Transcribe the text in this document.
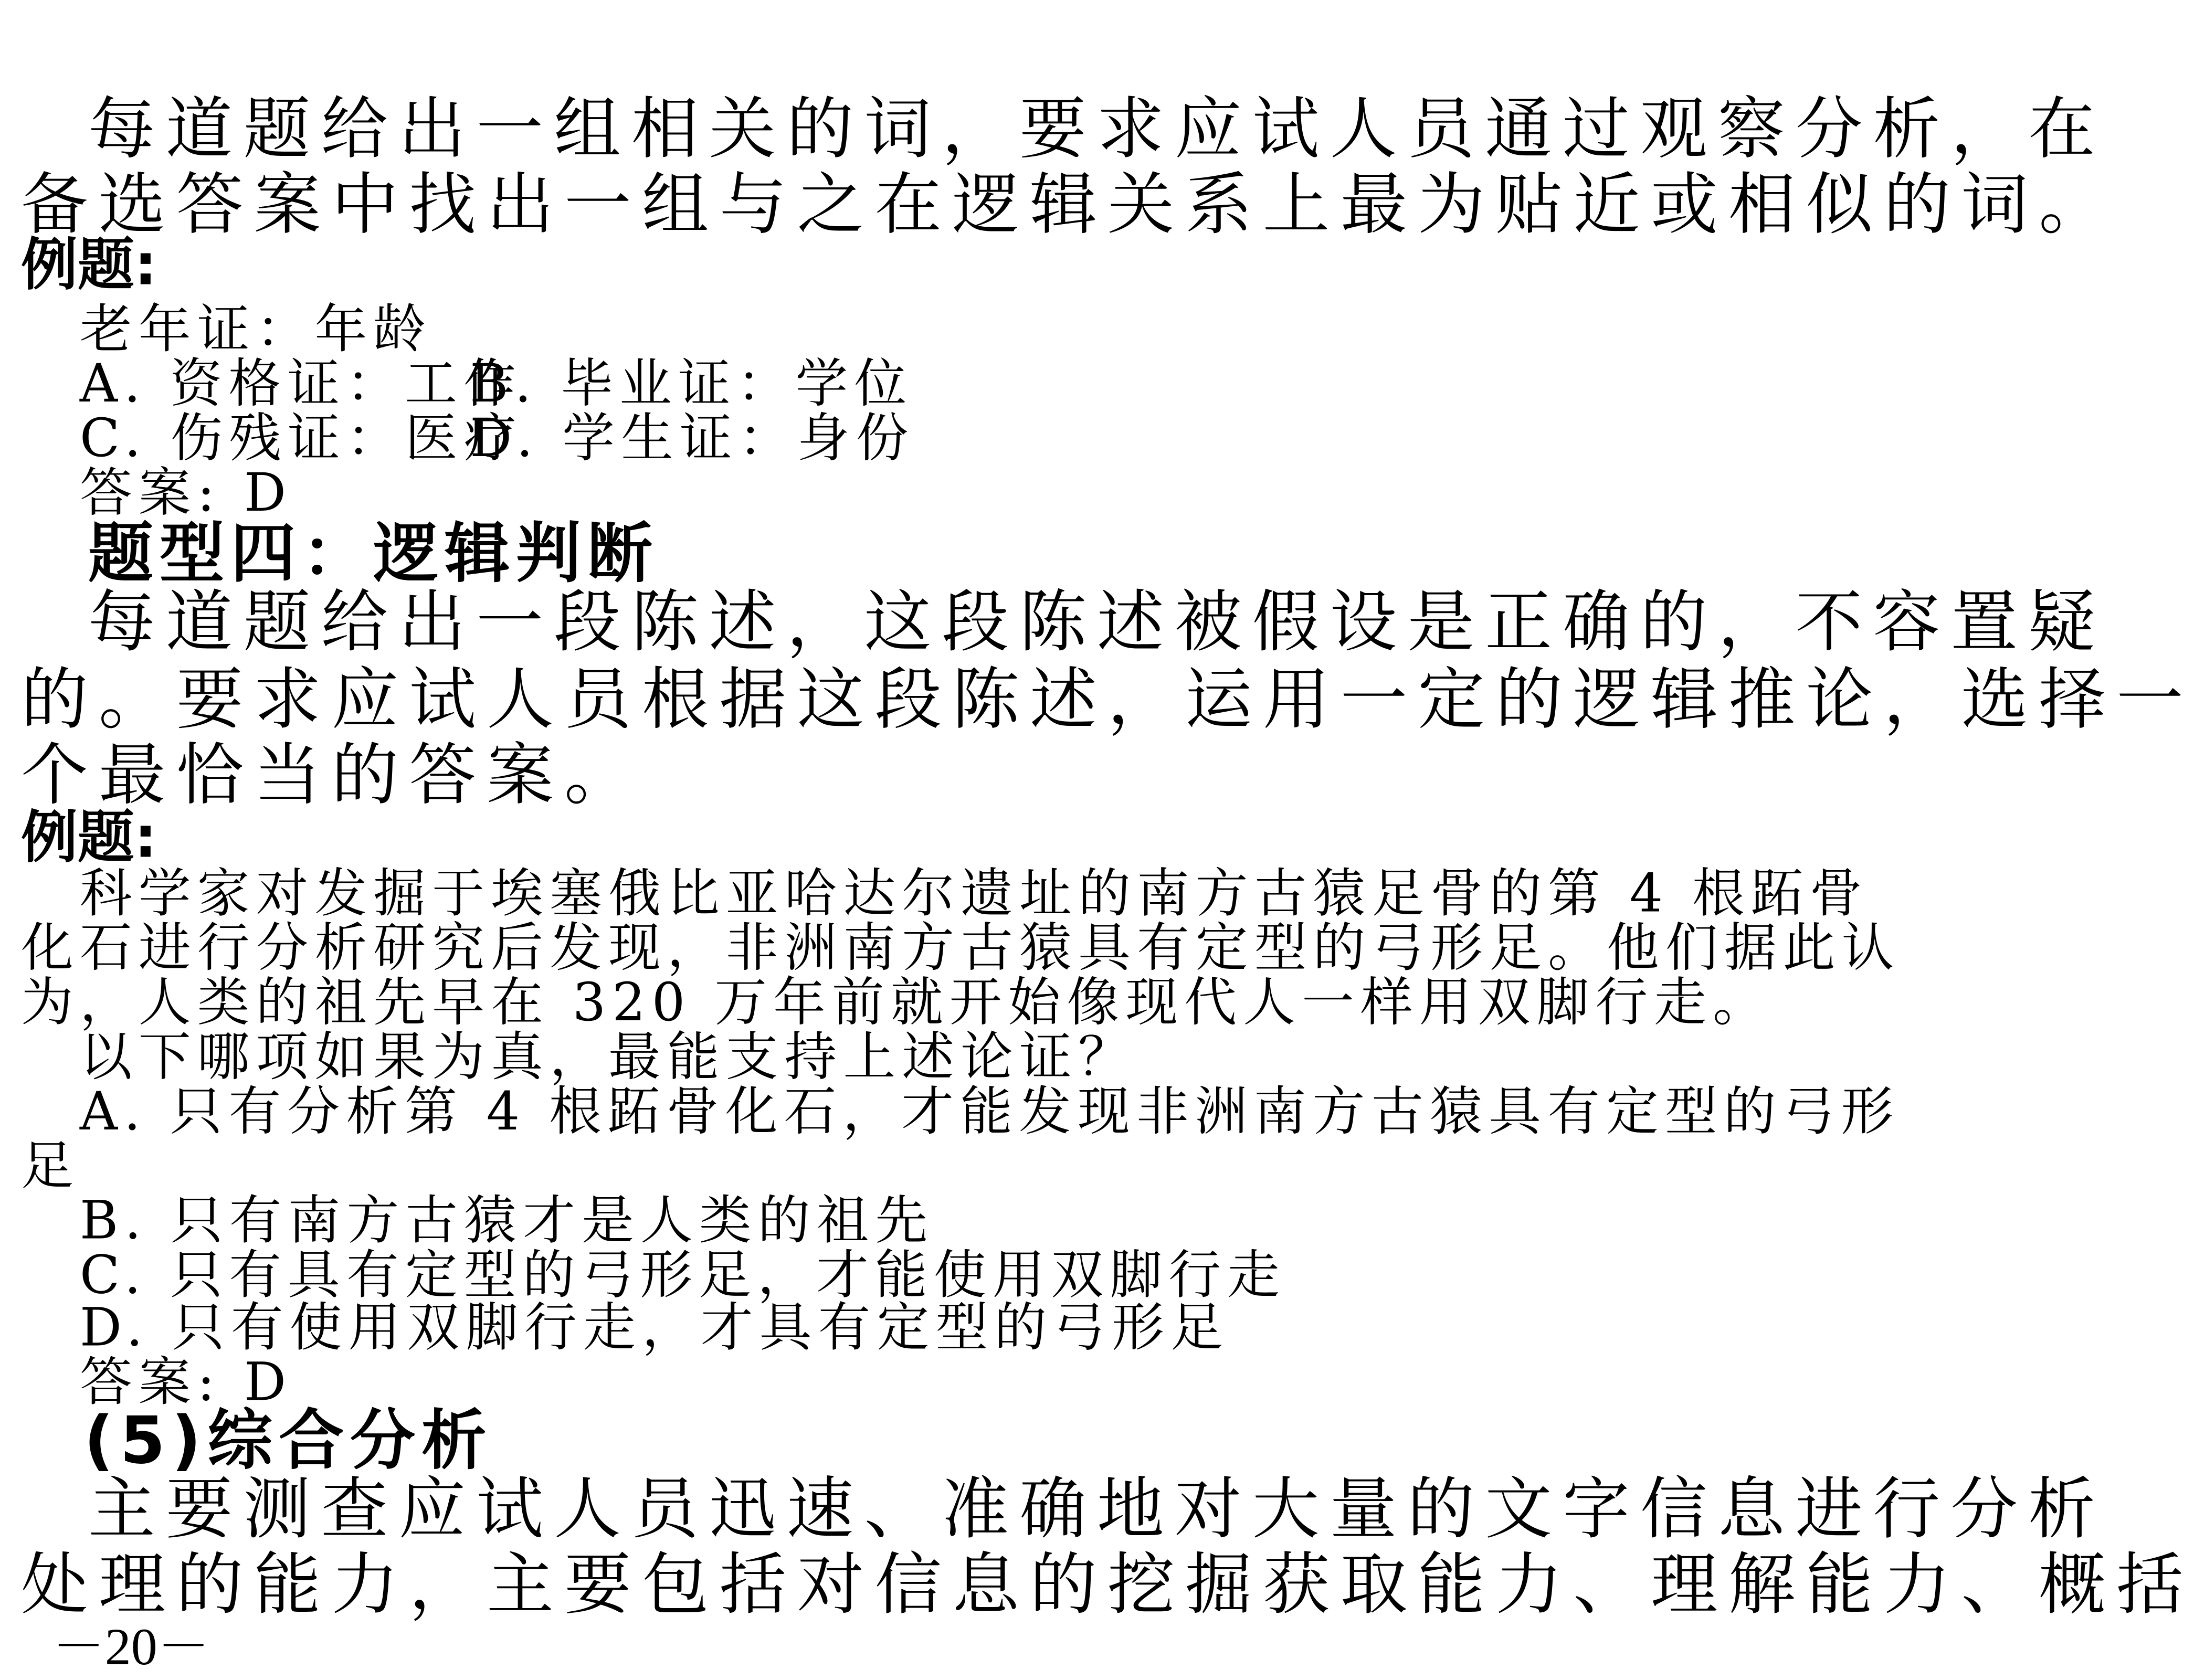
每道题给出一组相关的词，要求应试人员通过观察分析，在
备选答案中找出一组与之在逻辑关系上最为贴近或相似的词。
例题:
老年证：年龄
A. 资格证：工作
B. 毕业证：学位
C. 伤残证：医疗
D. 学生证：身份
答案: D
题型四：逻辑判断
每道题给出一段陈述，这段陈述被假设是正确的，不容置疑
的。要求应试人员根据这段陈述，运用一定的逻辑推论，选择一
个最恰当的答案。
例题:
科学家对发掘于埃塞俄比亚哈达尔遗址的南方古猿足骨的第 4 根跖骨
化石进行分析研究后发现，非洲南方古猿具有定型的弓形足。他们据此认
为，人类的祖先早在 320 万年前就开始像现代人一样用双脚行走。
以下哪项如果为真，最能支持上述论证？
A. 只有分析第 4 根跖骨化石，才能发现非洲南方古猿具有定型的弓形
足
B. 只有南方古猿才是人类的祖先
C. 只有具有定型的弓形足，才能使用双脚行走
D. 只有使用双脚行走，才具有定型的弓形足
答案: D
(5)综合分析
主要测查应试人员迅速、准确地对大量的文字信息进行分析
处理的能力，主要包括对信息的挖掘获取能力、理解能力、概括
－20－
